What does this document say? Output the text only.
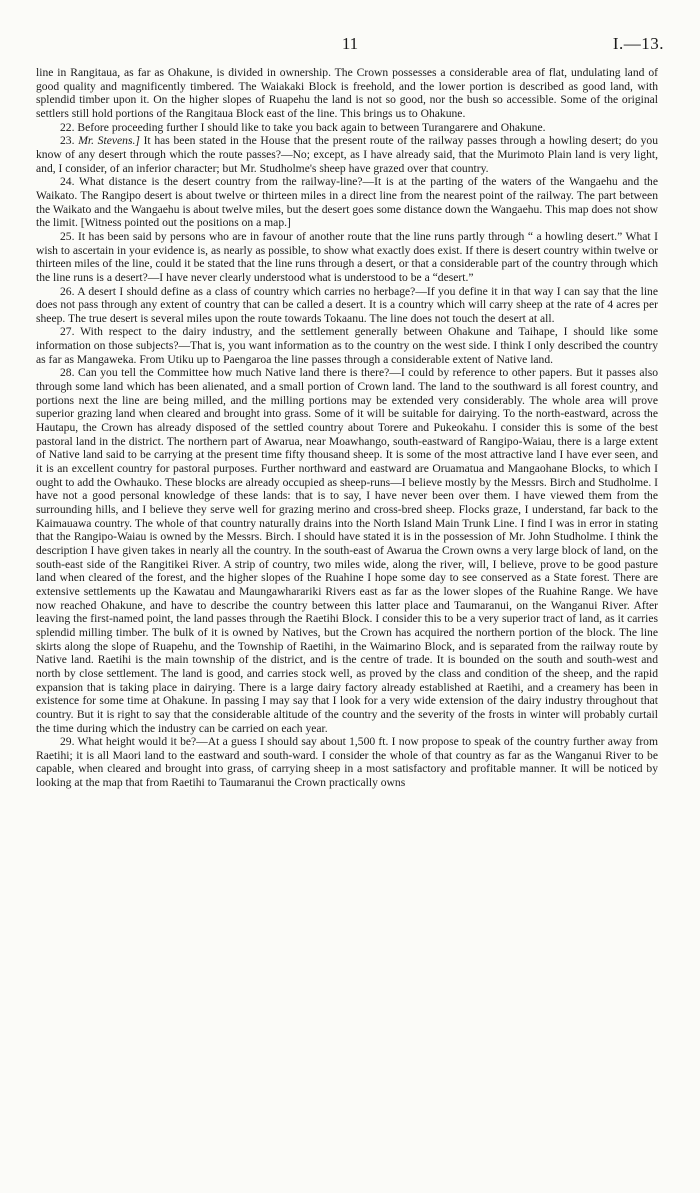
11	I.—13.

line in Rangitaua, as far as Ohakune, is divided in ownership. The Crown possesses a considerable area of flat, undulating land of good quality and magnificently timbered. The Waiakaki Block is freehold, and the lower portion is described as good land, with splendid timber upon it. On the higher slopes of Ruapehu the land is not so good, nor the bush so accessible. Some of the original settlers still hold portions of the Rangitaua Block east of the line. This brings us to Ohakune.

22. Before proceeding further I should like to take you back again to between Turangarere and Ohakune.

23. Mr. Stevens.] It has been stated in the House that the present route of the railway passes through a howling desert; do you know of any desert through which the route passes?—No; except, as I have already said, that the Murimoto Plain land is very light, and, I consider, of an inferior character; but Mr. Studholme's sheep have grazed over that country.

24. What distance is the desert country from the railway-line?—It is at the parting of the waters of the Wangaehu and the Waikato. The Rangipo desert is about twelve or thirteen miles in a direct line from the nearest point of the railway. The part between the Waikato and the Wangaehu is about twelve miles, but the desert goes some distance down the Wangaehu. This map does not show the limit. [Witness pointed out the positions on a map.]

25. It has been said by persons who are in favour of another route that the line runs partly through “ a howling desert.” What I wish to ascertain in your evidence is, as nearly as possible, to show what exactly does exist. If there is desert country within twelve or thirteen miles of the line, could it be stated that the line runs through a desert, or that a considerable part of the country through which the line runs is a desert?—I have never clearly understood what is understood to be a “desert.”

26. A desert I should define as a class of country which carries no herbage?—If you define it in that way I can say that the line does not pass through any extent of country that can be called a desert. It is a country which will carry sheep at the rate of 4 acres per sheep. The true desert is several miles upon the route towards Tokaanu. The line does not touch the desert at all.

27. With respect to the dairy industry, and the settlement generally between Ohakune and Taihape, I should like some information on those subjects?—That is, you want information as to the country on the west side. I think I only described the country as far as Mangaweka. From Utiku up to Paengaroa the line passes through a considerable extent of Native land.

28. Can you tell the Committee how much Native land there is there?—I could by reference to other papers. But it passes also through some land which has been alienated, and a small portion of Crown land. The land to the southward is all forest country, and portions next the line are being milled, and the milling portions may be extended very considerably. The whole area will prove superior grazing land when cleared and brought into grass. Some of it will be suitable for dairying. To the north-eastward, across the Hautapu, the Crown has already disposed of the settled country about Torere and Pukeokahu. I consider this is some of the best pastoral land in the district. The northern part of Awarua, near Moawhango, south-eastward of Rangipo-Waiau, there is a large extent of Native land said to be carrying at the present time fifty thousand sheep. It is some of the most attractive land I have ever seen, and it is an excellent country for pastoral purposes. Further northward and eastward are Oruamatua and Mangaohane Blocks, to which I ought to add the Owhauko. These blocks are already occupied as sheep-runs—I believe mostly by the Messrs. Birch and Studholme. I have not a good personal knowledge of these lands: that is to say, I have never been over them. I have viewed them from the surrounding hills, and I believe they serve well for grazing merino and cross-bred sheep. Flocks graze, I understand, far back to the Kaimauawa country. The whole of that country naturally drains into the North Island Main Trunk Line. I find I was in error in stating that the Rangipo-Waiau is owned by the Messrs. Birch. I should have stated it is in the possession of Mr. John Studholme. I think the description I have given takes in nearly all the country. In the south-east of Awarua the Crown owns a very large block of land, on the south-east side of the Rangitikei River. A strip of country, two miles wide, along the river, will, I believe, prove to be good pasture land when cleared of the forest, and the higher slopes of the Ruahine I hope some day to see conserved as a State forest. There are extensive settlements up the Kawatau and Maungawharariki Rivers east as far as the lower slopes of the Ruahine Range. We have now reached Ohakune, and have to describe the country between this latter place and Taumaranui, on the Wanganui River. After leaving the first-named point, the land passes through the Raetihi Block. I consider this to be a very superior tract of land, as it carries splendid milling timber. The bulk of it is owned by Natives, but the Crown has acquired the northern portion of the block. The line skirts along the slope of Ruapehu, and the Township of Raetihi, in the Waimarino Block, and is separated from the railway route by Native land. Raetihi is the main township of the district, and is the centre of trade. It is bounded on the south and south-west and north by close settlement. The land is good, and carries stock well, as proved by the class and condition of the sheep, and the rapid expansion that is taking place in dairying. There is a large dairy factory already established at Raetihi, and a creamery has been in existence for some time at Ohakune. In passing I may say that I look for a very wide extension of the dairy industry throughout that country. But it is right to say that the considerable altitude of the country and the severity of the frosts in winter will probably curtail the time during which the industry can be carried on each year.

29. What height would it be?—At a guess I should say about 1,500 ft. I now propose to speak of the country further away from Raetihi; it is all Maori land to the eastward and south-ward. I consider the whole of that country as far as the Wanganui River to be capable, when cleared and brought into grass, of carrying sheep in a most satisfactory and profitable manner. It will be noticed by looking at the map that from Raetihi to Taumaranui the Crown practically owns
